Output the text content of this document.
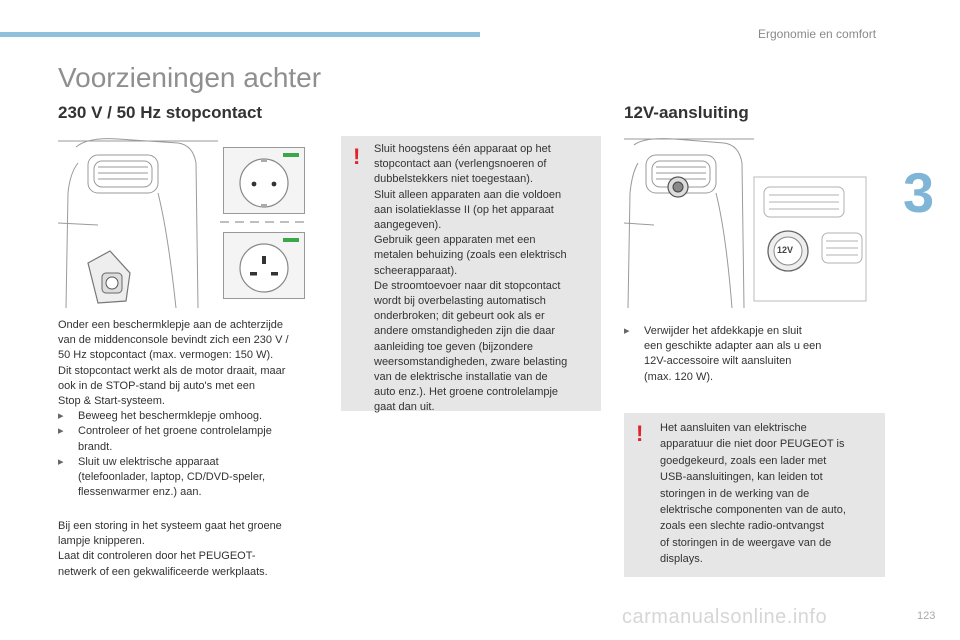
Ergonomie en comfort
3
Voorzieningen achter
230 V / 50 Hz stopcontact

Onder een beschermklepje aan de achterzijde

van de middenconsole bevindt zich een 230 V /

50 Hz stopcontact (max. vermogen: 150 W).

Dit stopcontact werkt als de motor draait, maar

ook in de STOP-stand bij auto's met een

Stop & Start-systeem.

▸	Beweeg het beschermklepje omhoog.

▸	Controleer of het groene controlelampje

brandt.

▸	Sluit uw elektrische apparaat

(telefoonlader, laptop, CD/DVD-speler,

flessenwarmer enz.) aan.

Bij een storing in het systeem gaat het groene

lampje knipperen.

Laat dit controleren door het PEUGEOT-

netwerk of een gekwalificeerde werkplaats.

! Sluit hoogstens één apparaat op het

stopcontact aan (verlengsnoeren of

dubbelstekkers niet toegestaan).

Sluit alleen apparaten aan die voldoen

aan isolatieklasse II (op het apparaat

aangegeven).

Gebruik geen apparaten met een

metalen behuizing (zoals een elektrisch

scheerapparaat).

De stroomtoevoer naar dit stopcontact

wordt bij overbelasting automatisch

onderbroken; dit gebeurt ook als er

andere omstandigheden zijn die daar

aanleiding toe geven (bijzondere

weersomstandigheden, zware belasting

van de elektrische installatie van de

auto enz.). Het groene controlelampje

gaat dan uit.

12V-aansluiting
12V
▸	Verwijder het afdekkapje en sluit

een geschikte adapter aan als u een

12V-accessoire wilt aansluiten

(max. 120 W).

! Het aansluiten van elektrische

apparatuur die niet door PEUGEOT is

goedgekeurd, zoals een lader met

USB-aansluitingen, kan leiden tot

storingen in de werking van de

elektrische componenten van de auto,

zoals een slechte radio-ontvangst

of storingen in de weergave van de

displays.

carmanualsonline.info	123
